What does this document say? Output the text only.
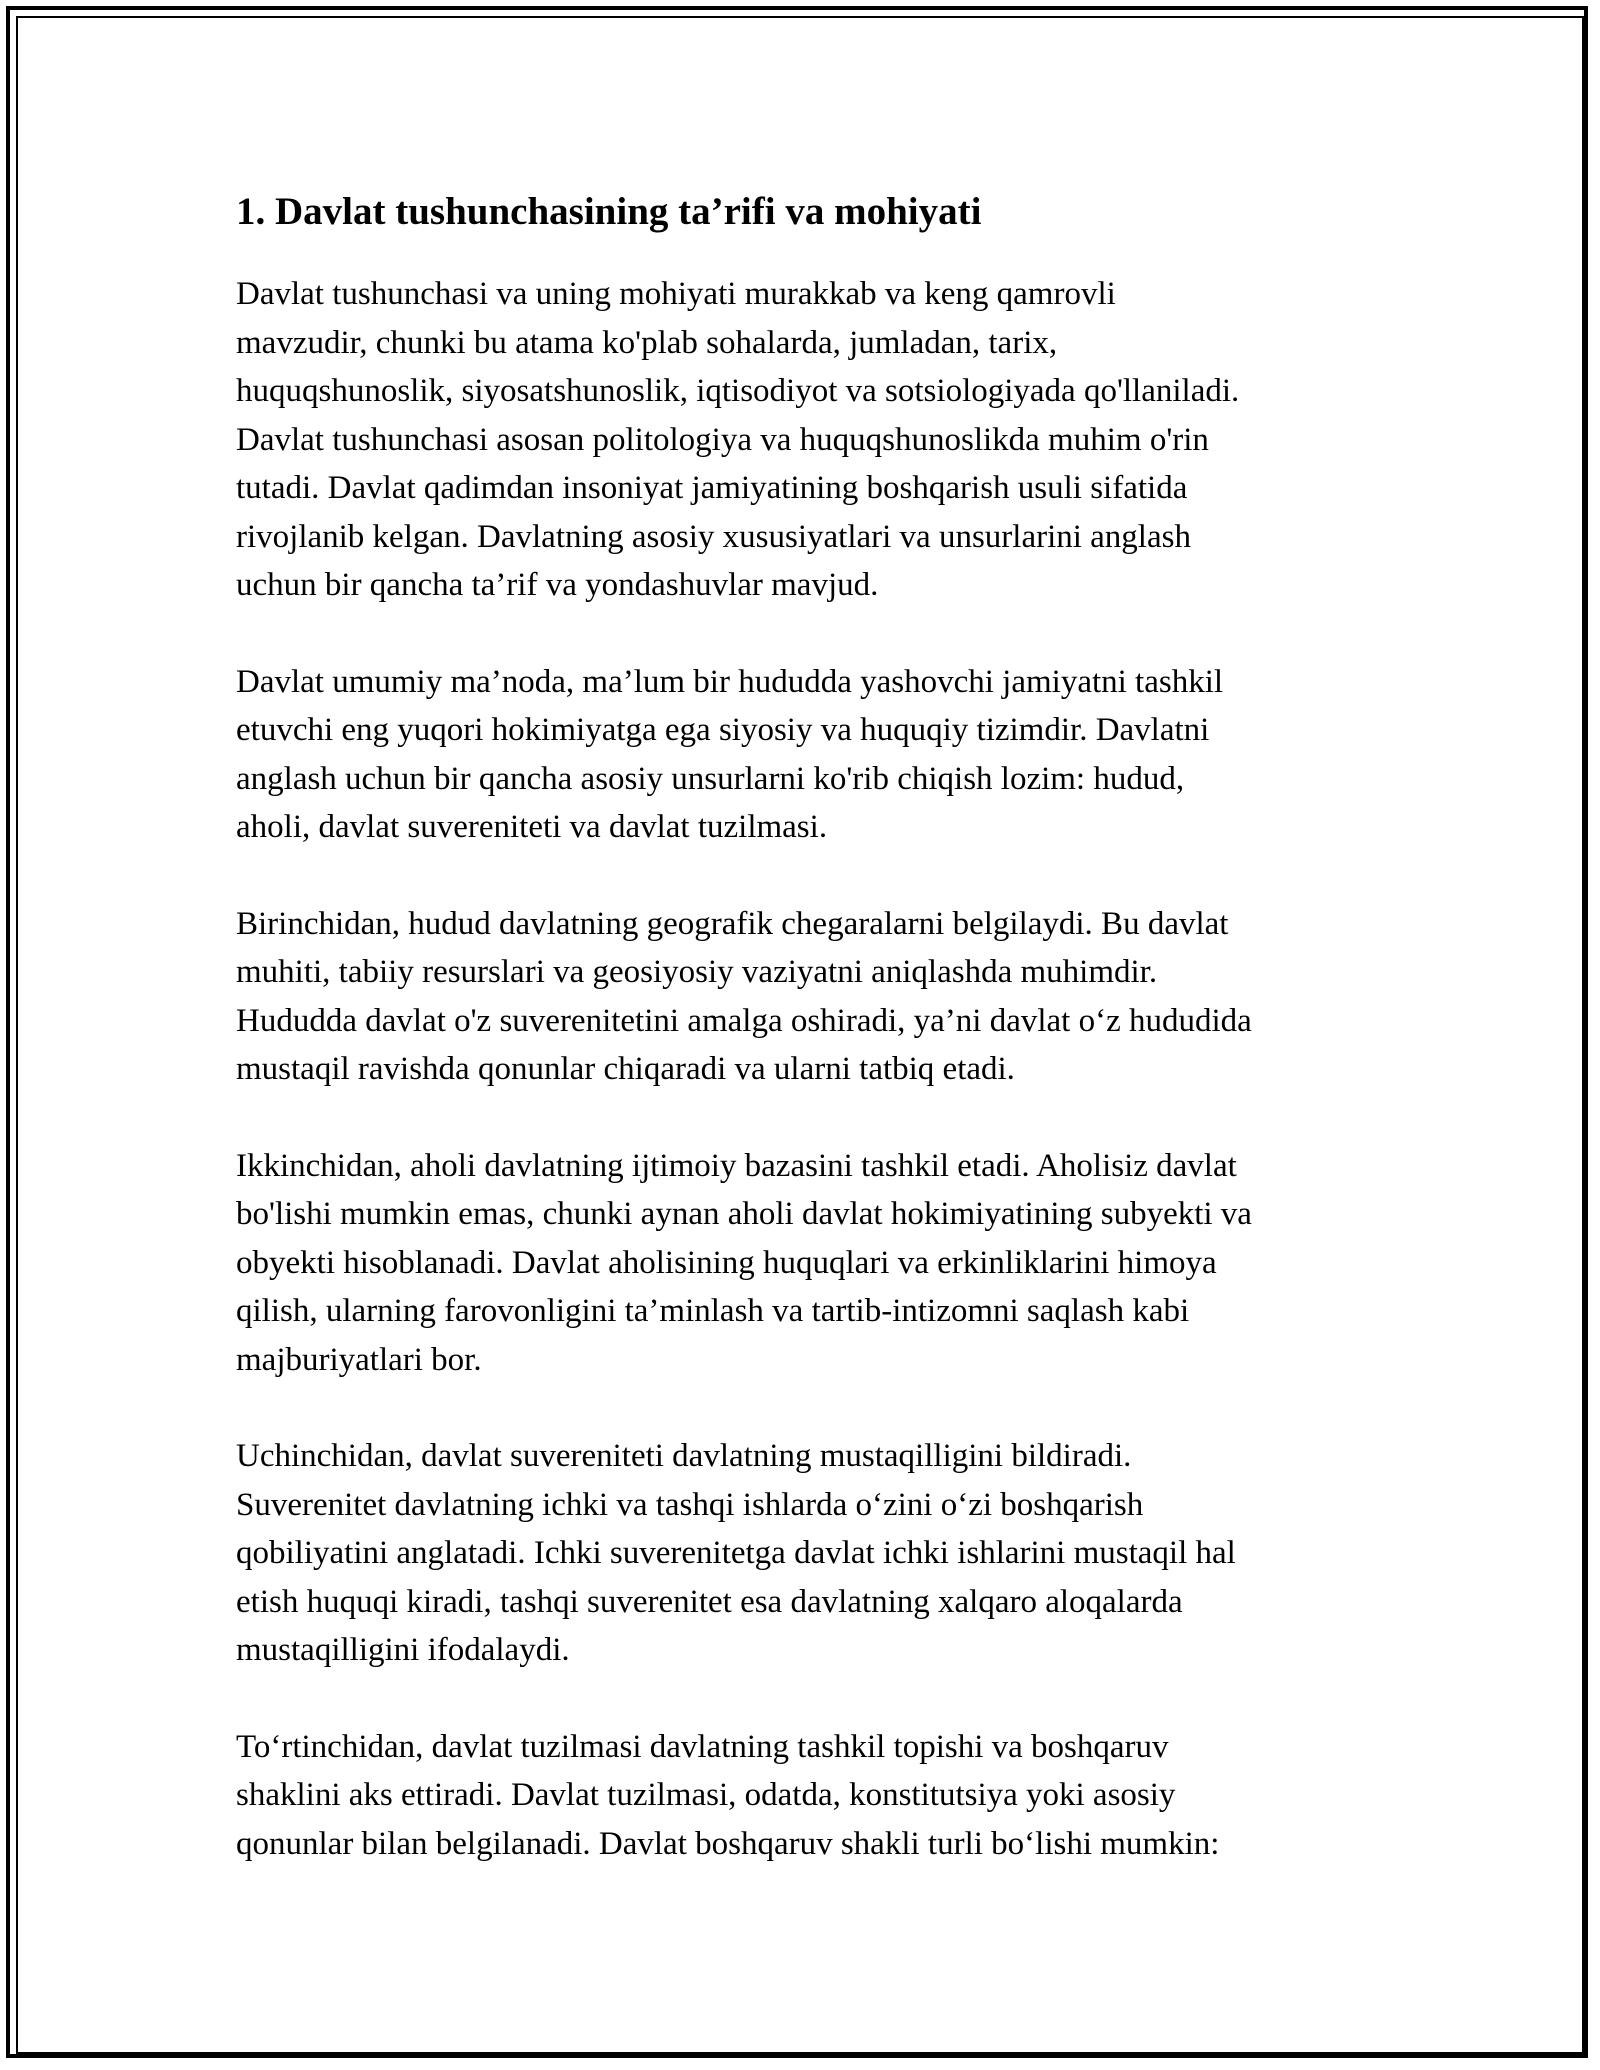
1. Davlat tushunchasining ta’rifi va mohiyati

Davlat tushunchasi va uning mohiyati murakkab va keng qamrovli
mavzudir, chunki bu atama ko'plab sohalarda, jumladan, tarix,
huquqshunoslik, siyosatshunoslik, iqtisodiyot va sotsiologiyada qo'llaniladi.
Davlat tushunchasi asosan politologiya va huquqshunoslikda muhim o'rin
tutadi. Davlat qadimdan insoniyat jamiyatining boshqarish usuli sifatida
rivojlanib kelgan. Davlatning asosiy xususiyatlari va unsurlarini anglash
uchun bir qancha ta’rif va yondashuvlar mavjud.

Davlat umumiy ma’noda, ma’lum bir hududda yashovchi jamiyatni tashkil
etuvchi eng yuqori hokimiyatga ega siyosiy va huquqiy tizimdir. Davlatni
anglash uchun bir qancha asosiy unsurlarni ko'rib chiqish lozim: hudud,
aholi, davlat suvereniteti va davlat tuzilmasi.

Birinchidan, hudud davlatning geografik chegaralarni belgilaydi. Bu davlat
muhiti, tabiiy resurslari va geosiyosiy vaziyatni aniqlashda muhimdir.
Hududda davlat o'z suverenitetini amalga oshiradi, ya’ni davlat o‘z hududida
mustaqil ravishda qonunlar chiqaradi va ularni tatbiq etadi.

Ikkinchidan, aholi davlatning ijtimoiy bazasini tashkil etadi. Aholisiz davlat
bo'lishi mumkin emas, chunki aynan aholi davlat hokimiyatining subyekti va
obyekti hisoblanadi. Davlat aholisining huquqlari va erkinliklarini himoya
qilish, ularning farovonligini ta’minlash va tartib-intizomni saqlash kabi
majburiyatlari bor.

Uchinchidan, davlat suvereniteti davlatning mustaqilligini bildiradi.
Suverenitet davlatning ichki va tashqi ishlarda o‘zini o‘zi boshqarish
qobiliyatini anglatadi. Ichki suverenitetga davlat ichki ishlarini mustaqil hal
etish huquqi kiradi, tashqi suverenitet esa davlatning xalqaro aloqalarda
mustaqilligini ifodalaydi.

To‘rtinchidan, davlat tuzilmasi davlatning tashkil topishi va boshqaruv
shaklini aks ettiradi. Davlat tuzilmasi, odatda, konstitutsiya yoki asosiy
qonunlar bilan belgilanadi. Davlat boshqaruv shakli turli bo‘lishi mumkin:
